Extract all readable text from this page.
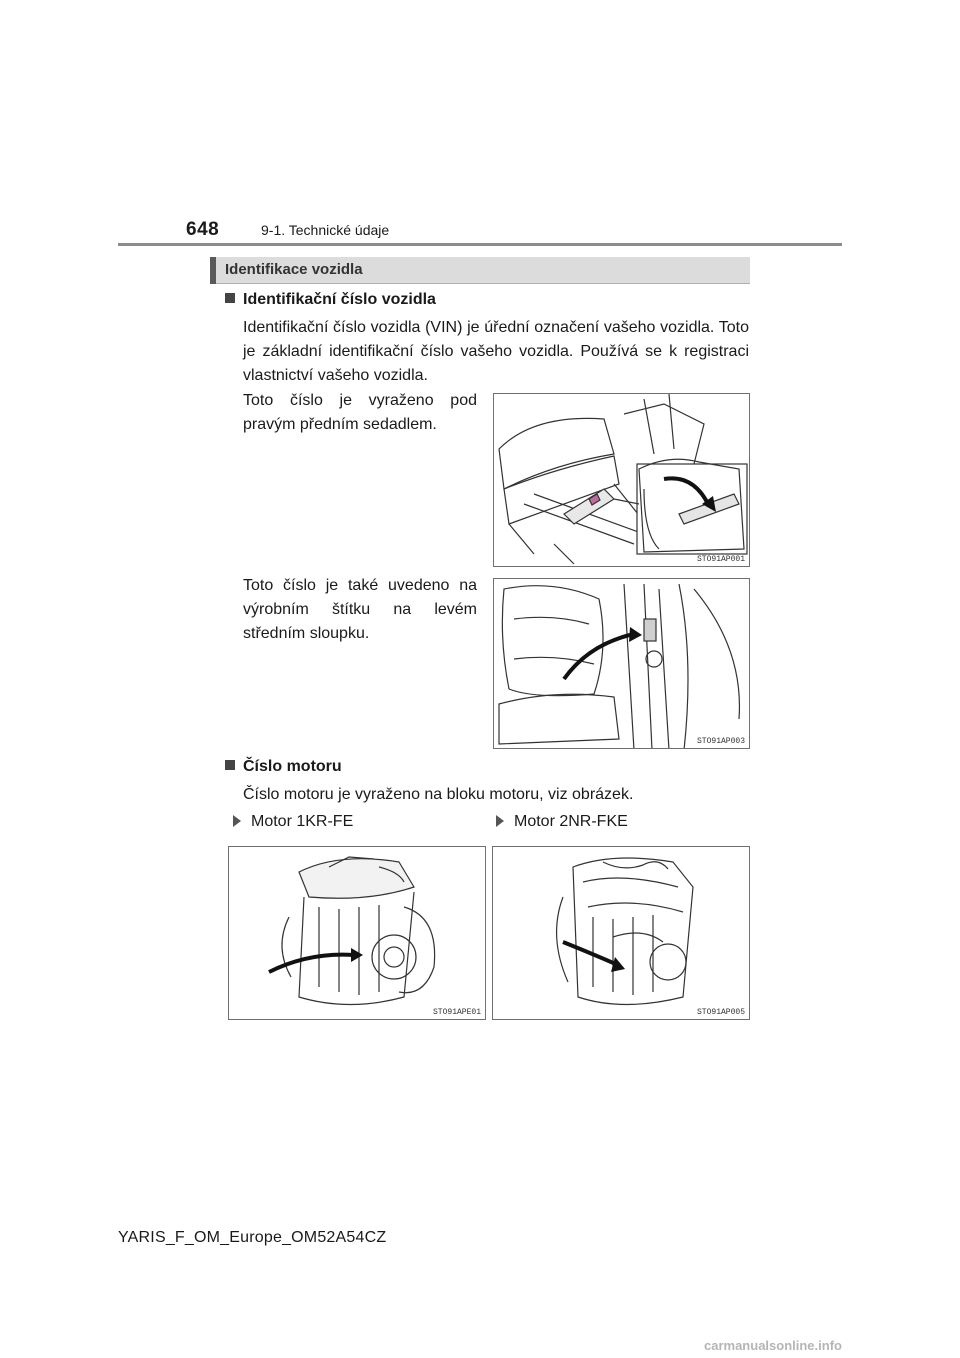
648	9-1. Technické údaje
Identifikace vozidla
Identifikační číslo vozidla
Identifikační číslo vozidla (VIN) je úřední označení vašeho vozidla. Toto je základní identifikační číslo vašeho vozidla. Používá se k registraci vlastnictví vašeho vozidla.
Toto číslo je vyraženo pod pravým předním sedadlem.
STO91AP001
Toto číslo je také uvedeno na výrobním štítku na levém středním sloupku.
STO91AP003
Číslo motoru
Číslo motoru je vyraženo na bloku motoru, viz obrázek.
Motor 1KR-FE	Motor 2NR-FKE
STO91APE01	STO91AP005
YARIS_F_OM_Europe_OM52A54CZ
carmanualsonline.info
